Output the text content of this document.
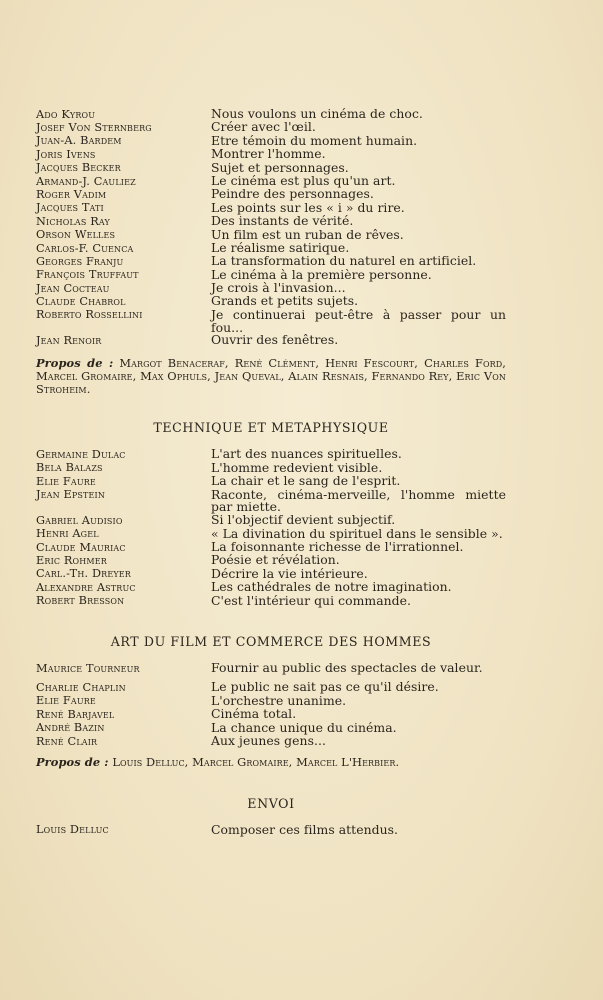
Ado Kyrou	Nous voulons un cinéma de choc.
Josef Von Sternberg	Créer avec l'œil.
Juan-A. Bardem	Etre témoin du moment humain.
Joris Ivens	Montrer l'homme.
Jacques Becker	Sujet et personnages.
Armand-J. Cauliez	Le cinéma est plus qu'un art.
Roger Vadim	Peindre des personnages.
Jacques Tati	Les points sur les « i » du rire.
Nicholas Ray	Des instants de vérité.
Orson Welles	Un film est un ruban de rêves.
Carlos-F. Cuenca	Le réalisme satirique.
Georges Franju	La transformation du naturel en artificiel.
François Truffaut	Le cinéma à la première personne.
Jean Cocteau	Je crois à l'invasion...
Claude Chabrol	Grands et petits sujets.
Roberto Rossellini	Je continuerai peut-être à passer pour un fou...
Jean Renoir	Ouvrir des fenêtres.
Propos de : Margot Benaceraf, René Clément, Henri Fescourt, Charles Ford, Marcel Gromaire, Max Ophuls, Jean Queval, Alain Resnais, Fernando Rey, Eric Von Stroheim.
TECHNIQUE ET METAPHYSIQUE
Germaine Dulac	L'art des nuances spirituelles.
Bela Balazs	L'homme redevient visible.
Elie Faure	La chair et le sang de l'esprit.
Jean Epstein	Raconte, cinéma-merveille, l'homme miette par miette.
Gabriel Audisio	Si l'objectif devient subjectif.
Henri Agel	« La divination du spirituel dans le sensible ».
Claude Mauriac	La foisonnante richesse de l'irrationnel.
Eric Rohmer	Poésie et révélation.
Carl.-Th. Dreyer	Décrire la vie intérieure.
Alexandre Astruc	Les cathédrales de notre imagination.
Robert Bresson	C'est l'intérieur qui commande.
ART DU FILM ET COMMERCE DES HOMMES
Maurice Tourneur	Fournir au public des spectacles de valeur.
Charlie Chaplin	Le public ne sait pas ce qu'il désire.
Elie Faure	L'orchestre unanime.
René Barjavel	Cinéma total.
André Bazin	La chance unique du cinéma.
René Clair	Aux jeunes gens...
Propos de : Louis Delluc, Marcel Gromaire, Marcel L'Herbier.
ENVOI
Louis Delluc	Composer ces films attendus.
